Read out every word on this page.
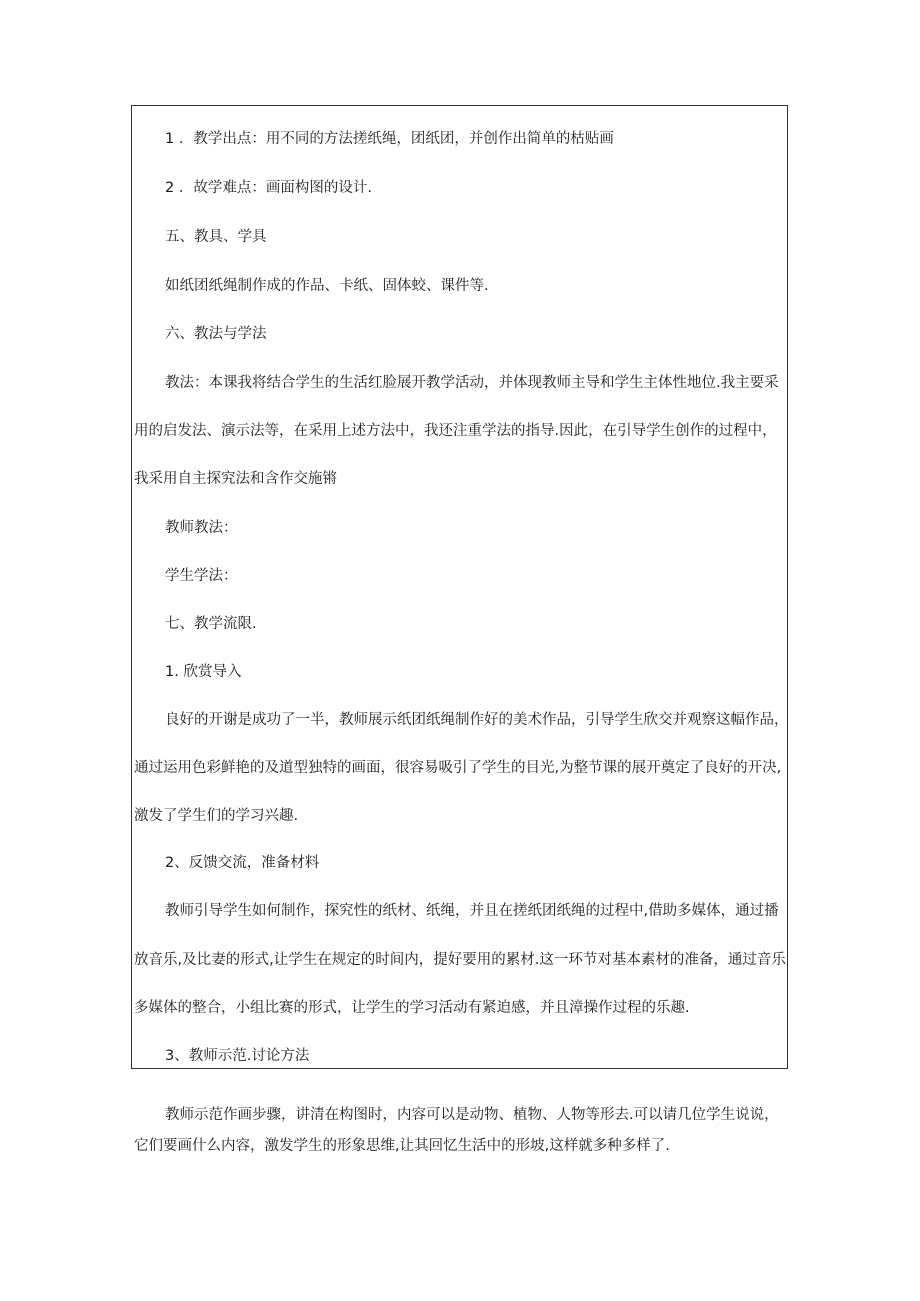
1 ．教学出点：用不同的方法搓纸绳，团纸团，并创作出简单的枯贴画
2 ．故学难点：画面构图的设计.
五、教具、学具
如纸团纸绳制作成的作品、卡纸、固体蛟、课件等.
六、教法与学法
教法：本课我将结合学生的生活红脸展开教学活动，并体现教师主导和学生主体性地位.我主要采
用的启发法、演示法等，在采用上述方法中，我还注重学法的指导.因此，在引导学生创作的过程中，
我采用自主探究法和含作交施锵
教师教法：
学生学法：
七、教学流限.
1. 欣赏导入
良好的开谢是成功了一半，教师展示纸团纸绳制作好的美术作品，引导学生欣交并观察这幅作品，
通过运用色彩鲜艳的及道型独特的画面，很容易吸引了学生的目光,为整节课的展开奠定了良好的开决,
激发了学生们的学习兴趣.
2、反馈交流，准备材料
教师引导学生如何制作，探究性的纸材、纸绳，并且在搓纸团纸绳的过程中,借助多媒体，通过播
放音乐,及比妻的形式,让学生在规定的时间内，提好要用的累材.这一环节对基本素材的准备，通过音乐
多媒体的整合，小组比赛的形式，让学生的学习活动有紧迫感，并且漳操作过程的乐趣.
3、教师示范.讨论方法
教师示范作画步骤，讲清在构图时，内容可以是动物、植物、人物等形去.可以请几位学生说说，
它们要画什么内容，激发学生的形象思维,让其回忆生活中的形坡,这样就多种多样了.
